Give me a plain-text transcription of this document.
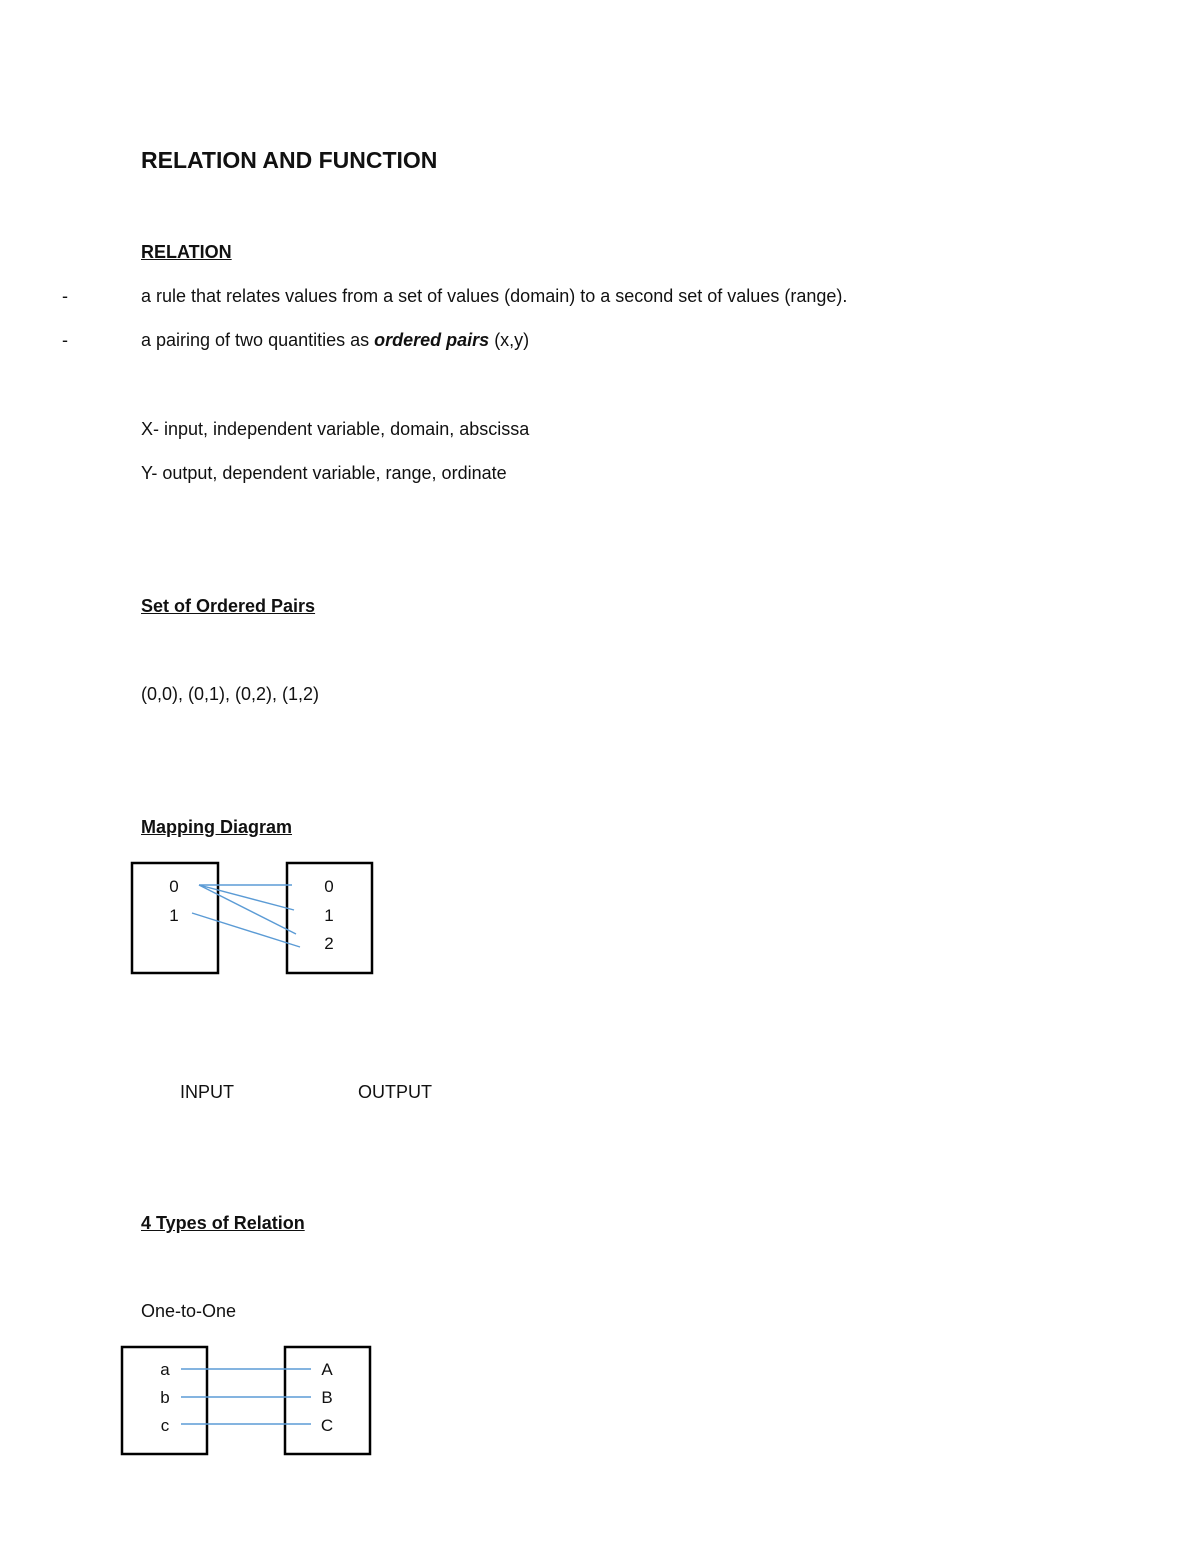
RELATION AND FUNCTION
RELATION
-	a rule that relates values from a set of values (domain) to a second set of values (range).
-	a pairing of two quantities as ordered pairs (x,y)
X- input, independent variable, domain, abscissa
Y- output, dependent variable, range, ordinate
Set of Ordered Pairs
(0,0), (0,1), (0,2), (1,2)
Mapping Diagram
0
1
0
1
2
a
b
c
A
B
C
INPUT	OUTPUT
4 Types of Relation
One-to-One
